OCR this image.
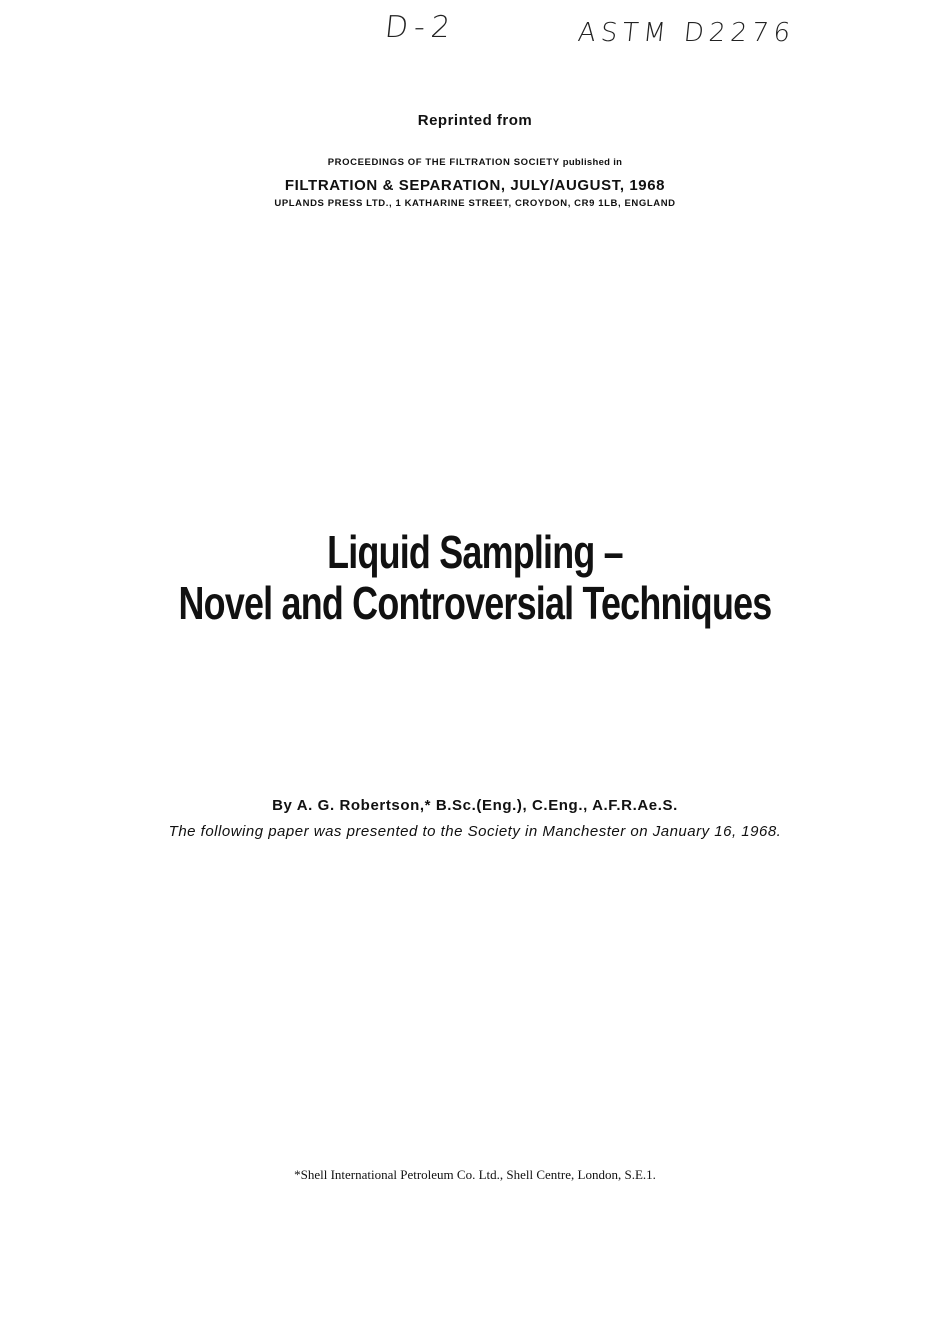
D-2	ASTM D2276
Reprinted from
PROCEEDINGS OF THE FILTRATION SOCIETY published in
FILTRATION & SEPARATION, JULY/AUGUST, 1968
UPLANDS PRESS LTD., 1 KATHARINE STREET, CROYDON, CR9 1LB, ENGLAND
Liquid Sampling –
Novel and Controversial Techniques
By A. G. Robertson,* B.Sc.(Eng.), C.Eng., A.F.R.Ae.S.
The following paper was presented to the Society in Manchester on January 16, 1968.
*Shell International Petroleum Co. Ltd., Shell Centre, London, S.E.1.
